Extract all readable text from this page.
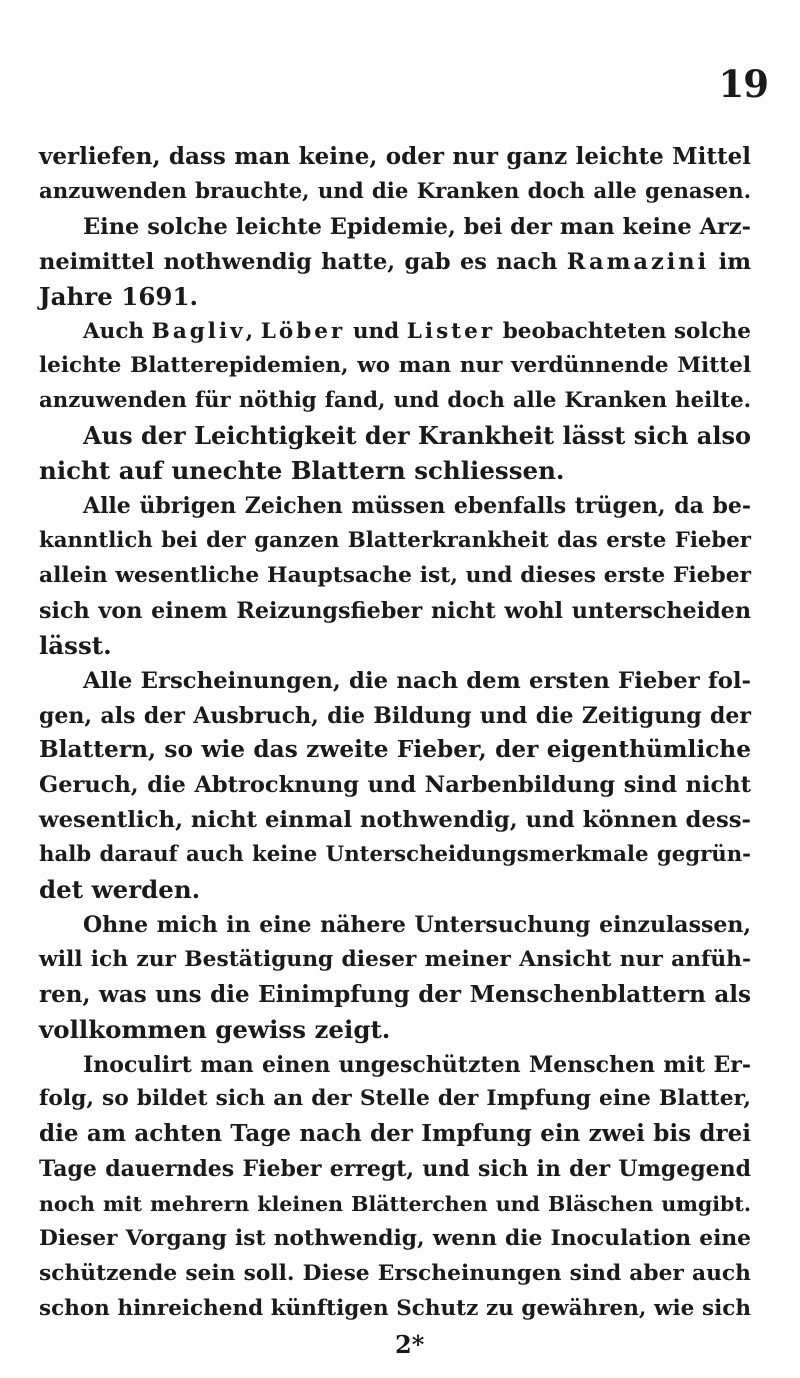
19
verliefen, dass man keine, oder nur ganz leichte Mittel
anzuwenden brauchte, und die Kranken doch alle genasen.
Eine solche leichte Epidemie, bei der man keine Arz-
neimittel nothwendig hatte, gab es nach Ramazini im
Jahre 1691.
Auch Bagliv, Löber und Lister beobachteten solche
leichte Blatterepidemien, wo man nur verdünnende Mittel
anzuwenden für nöthig fand, und doch alle Kranken heilte.
Aus der Leichtigkeit der Krankheit lässt sich also
nicht auf unechte Blattern schliessen.
Alle übrigen Zeichen müssen ebenfalls trügen, da be-
kanntlich bei der ganzen Blatterkrankheit das erste Fieber
allein wesentliche Hauptsache ist, und dieses erste Fieber
sich von einem Reizungsfieber nicht wohl unterscheiden
lässt.
Alle Erscheinungen, die nach dem ersten Fieber fol-
gen, als der Ausbruch, die Bildung und die Zeitigung der
Blattern, so wie das zweite Fieber, der eigenthümliche
Geruch, die Abtrocknung und Narbenbildung sind nicht
wesentlich, nicht einmal nothwendig, und können dess-
halb darauf auch keine Unterscheidungsmerkmale gegrün-
det werden.
Ohne mich in eine nähere Untersuchung einzulassen,
will ich zur Bestätigung dieser meiner Ansicht nur anfüh-
ren, was uns die Einimpfung der Menschenblattern als
vollkommen gewiss zeigt.
Inoculirt man einen ungeschützten Menschen mit Er-
folg, so bildet sich an der Stelle der Impfung eine Blatter,
die am achten Tage nach der Impfung ein zwei bis drei
Tage dauerndes Fieber erregt, und sich in der Umgegend
noch mit mehrern kleinen Blätterchen und Bläschen umgibt.
Dieser Vorgang ist nothwendig, wenn die Inoculation eine
schützende sein soll. Diese Erscheinungen sind aber auch
schon hinreichend künftigen Schutz zu gewähren, wie sich
2*
